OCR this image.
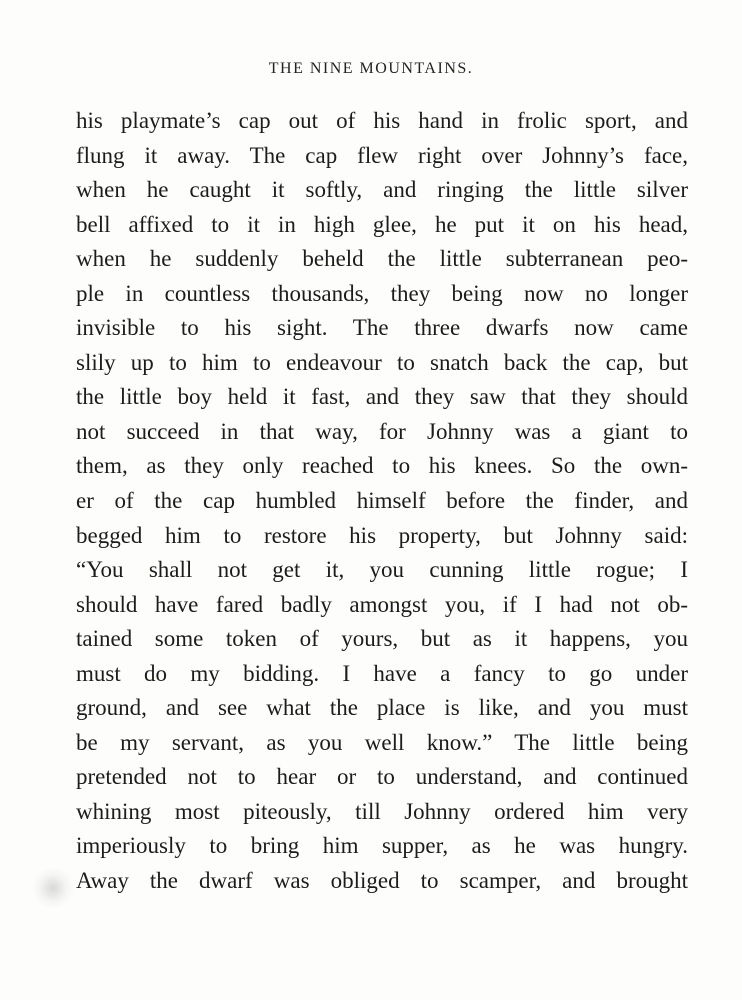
THE NINE MOUNTAINS.
his playmate’s cap out of his hand in frolic sport, and
flung it away. The cap flew right over Johnny’s face,
when he caught it softly, and ringing the little silver
bell affixed to it in high glee, he put it on his head,
when he suddenly beheld the little subterranean peo-
ple in countless thousands, they being now no longer
invisible to his sight. The three dwarfs now came
slily up to him to endeavour to snatch back the cap, but
the little boy held it fast, and they saw that they should
not succeed in that way, for Johnny was a giant to
them, as they only reached to his knees. So the own-
er of the cap humbled himself before the finder, and
begged him to restore his property, but Johnny said:
“You shall not get it, you cunning little rogue; I
should have fared badly amongst you, if I had not ob-
tained some token of yours, but as it happens, you
must do my bidding. I have a fancy to go under
ground, and see what the place is like, and you must
be my servant, as you well know.” The little being
pretended not to hear or to understand, and continued
whining most piteously, till Johnny ordered him very
imperiously to bring him supper, as he was hungry.
Away the dwarf was obliged to scamper, and brought
